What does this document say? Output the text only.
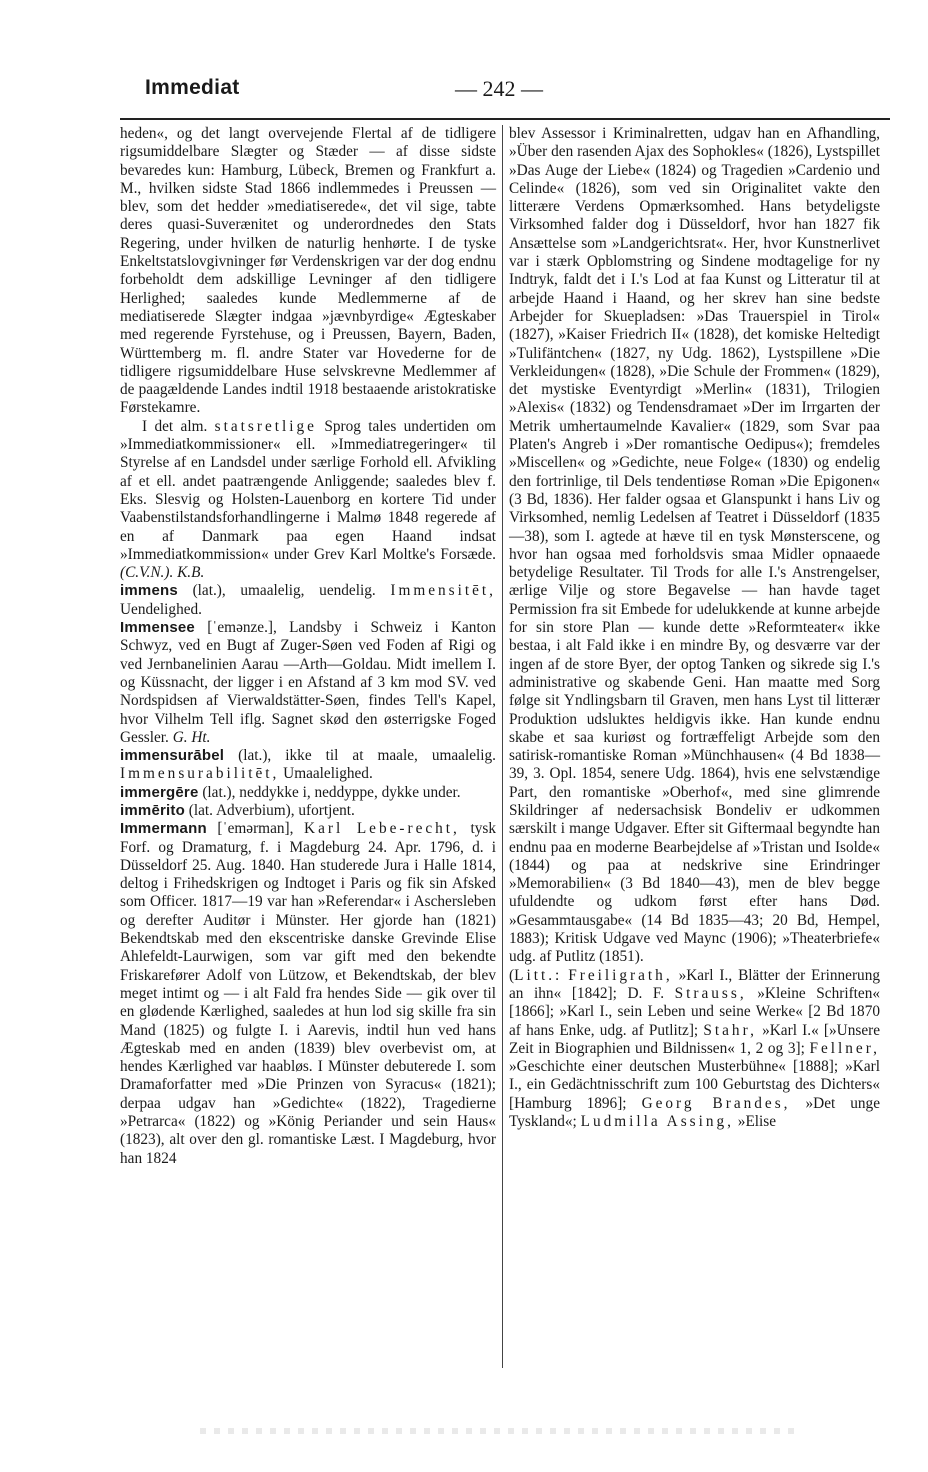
Immediat	— 242 —

heden«, og det langt overvejende Flertal af de tidligere rigsumiddelbare Slægter og Stæder — af disse sidste bevaredes kun: Hamburg, Lübeck, Bremen og Frankfurt a. M., hvilken sidste Stad 1866 indlemmedes i Preussen — blev, som det hedder »mediatiserede«, det vil sige, tabte deres quasi-Suverænitet og underordnedes den Stats Regering, under hvilken de naturlig henhørte. I de tyske Enkeltstatslovgivninger før Verdenskrigen var der dog endnu forbeholdt dem adskillige Levninger af den tidligere Herlighed; saaledes kunde Medlemmerne af de mediatiserede Slægter indgaa »jævnbyrdige« Ægteskaber med regerende Fyrstehuse, og i Preussen, Bayern, Baden, Württemberg m. fl. andre Stater var Hovederne for de tidligere rigsumiddelbare Huse selvskrevne Medlemmer af de paagældende Landes indtil 1918 bestaaende aristokratiske Førstekamre.

I det alm. statsretlige Sprog tales undertiden om »Immediatkommissioner« ell. »Immediatregeringer« til Styrelse af en Landsdel under særlige Forhold ell. Afvikling af et ell. andet paatrængende Anliggende; saaledes blev f. Eks. Slesvig og Holsten-Lauenborg en kortere Tid under Vaabenstilstandsforhandlingerne i Malmø 1848 regerede af en af Danmark paa egen Haand indsat »Immediatkommission« under Grev Karl Moltke's Forsæde. (C.V.N.). K.B.

immens (lat.), umaalelig, uendelig. Immensitēt, Uendelighed.

Immensee [ˈemənze.], Landsby i Schweiz i Kanton Schwyz, ved en Bugt af Zuger-Søen ved Foden af Rigi og ved Jernbanelinien Aarau —Arth—Goldau. Midt imellem I. og Küssnacht, der ligger i en Afstand af 3 km mod SV. ved Nordspidsen af Vierwaldstätter-Søen, findes Tell's Kapel, hvor Vilhelm Tell iflg. Sagnet skød den østerrigske Foged Gessler. G. Ht.

immensurābel (lat.), ikke til at maale, umaalelig. Immensurabilitēt, Umaalelighed.

immergēre (lat.), neddykke i, neddyppe, dykke under.

immērito (lat. Adverbium), ufortjent.

Immermann [ˈemərman], Karl Lebe-recht, tysk Forf. og Dramaturg, f. i Magdeburg 24. Apr. 1796, d. i Düsseldorf 25. Aug. 1840. Han studerede Jura i Halle 1814, deltog i Frihedskrigen og Indtoget i Paris og fik sin Afsked som Officer. 1817—19 var han »Referendar« i Aschersleben og derefter Auditør i Münster. Her gjorde han (1821) Bekendtskab med den ekscentriske danske Grevinde Elise Ahlefeldt-Laurwigen, som var gift med den bekendte Friskarefører Adolf von Lützow, et Bekendtskab, der blev meget intimt og — i alt Fald fra hendes Side — gik over til en glødende Kærlighed, saaledes at hun lod sig skille fra sin Mand (1825) og fulgte I. i Aarevis, indtil hun ved hans Ægteskab med en anden (1839) blev overbevist om, at hendes Kærlighed var haabløs. I Münster debuterede I. som Dramaforfatter med »Die Prinzen von Syracus« (1821); derpaa udgav han »Gedichte« (1822), Tragedierne »Petrarca« (1822) og »König Periander und sein Haus« (1823), alt over den gl. romantiske Læst. I Magdeburg, hvor han 1824

blev Assessor i Kriminalretten, udgav han en Afhandling, »Über den rasenden Ajax des Sophokles« (1826), Lystspillet »Das Auge der Liebe« (1824) og Tragedien »Cardenio und Celinde« (1826), som ved sin Originalitet vakte den litterære Verdens Opmærksomhed. Hans betydeligste Virksomhed falder dog i Düsseldorf, hvor han 1827 fik Ansættelse som »Landgerichtsrat«. Her, hvor Kunstnerlivet var i stærk Opblomstring og Sindene modtagelige for ny Indtryk, faldt det i I.'s Lod at faa Kunst og Litteratur til at arbejde Haand i Haand, og her skrev han sine bedste Arbejder for Skuepladsen: »Das Trauerspiel in Tirol« (1827), »Kaiser Friedrich II« (1828), det komiske Heltedigt »Tulifäntchen« (1827, ny Udg. 1862), Lystspillene »Die Verkleidungen« (1828), »Die Schule der Frommen« (1829), det mystiske Eventyrdigt »Merlin« (1831), Trilogien »Alexis« (1832) og Tendensdramaet »Der im Irrgarten der Metrik umhertaumelnde Kavalier« (1829, som Svar paa Platen's Angreb i »Der romantische Oedipus«); fremdeles »Miscellen« og »Gedichte, neue Folge« (1830) og endelig den fortrinlige, til Dels tendentiøse Roman »Die Epigonen« (3 Bd, 1836). Her falder ogsaa et Glanspunkt i hans Liv og Virksomhed, nemlig Ledelsen af Teatret i Düsseldorf (1835—38), som I. agtede at hæve til en tysk Mønsterscene, og hvor han ogsaa med forholdsvis smaa Midler opnaaede betydelige Resultater. Til Trods for alle I.'s Anstrengelser, ærlige Vilje og store Begavelse — han havde taget Permission fra sit Embede for udelukkende at kunne arbejde for sin store Plan — kunde dette »Reformteater« ikke bestaa, i alt Fald ikke i en mindre By, og desværre var der ingen af de store Byer, der optog Tanken og sikrede sig I.'s administrative og skabende Geni. Han maatte med Sorg følge sit Yndlingsbarn til Graven, men hans Lyst til litterær Produktion udsluktes heldigvis ikke. Han kunde endnu skabe et saa kuriøst og fortræffeligt Arbejde som den satirisk-romantiske Roman »Münchhausen« (4 Bd 1838—39, 3. Opl. 1854, senere Udg. 1864), hvis ene selvstændige Part, den romantiske »Oberhof«, med sine glimrende Skildringer af nedersachsisk Bondeliv er udkommen særskilt i mange Udgaver. Efter sit Giftermaal begyndte han endnu paa en moderne Bearbejdelse af »Tristan und Isolde« (1844) og paa at nedskrive sine Erindringer »Memorabilien« (3 Bd 1840—43), men de blev begge ufuldendte og udkom først efter hans Død. »Gesammtausgabe« (14 Bd 1835—43; 20 Bd, Hempel, 1883); Kritisk Udgave ved Maync (1906); »Theaterbriefe« udg. af Putlitz (1851).

(Litt.: Freiligrath, »Karl I., Blätter der Erinnerung an ihn« [1842]; D. F. Strauss, »Kleine Schriften« [1866]; »Karl I., sein Leben und seine Werke« [2 Bd 1870 af hans Enke, udg. af Putlitz]; Stahr, »Karl I.« [»Unsere Zeit in Biographien und Bildnissen« 1, 2 og 3]; Fellner, »Geschichte einer deutschen Musterbühne« [1888]; »Karl I., ein Gedächtnisschrift zum 100 Geburtstag des Dichters« [Hamburg 1896]; Georg Brandes, »Det unge Tyskland«; Ludmilla Assing, »Elise
